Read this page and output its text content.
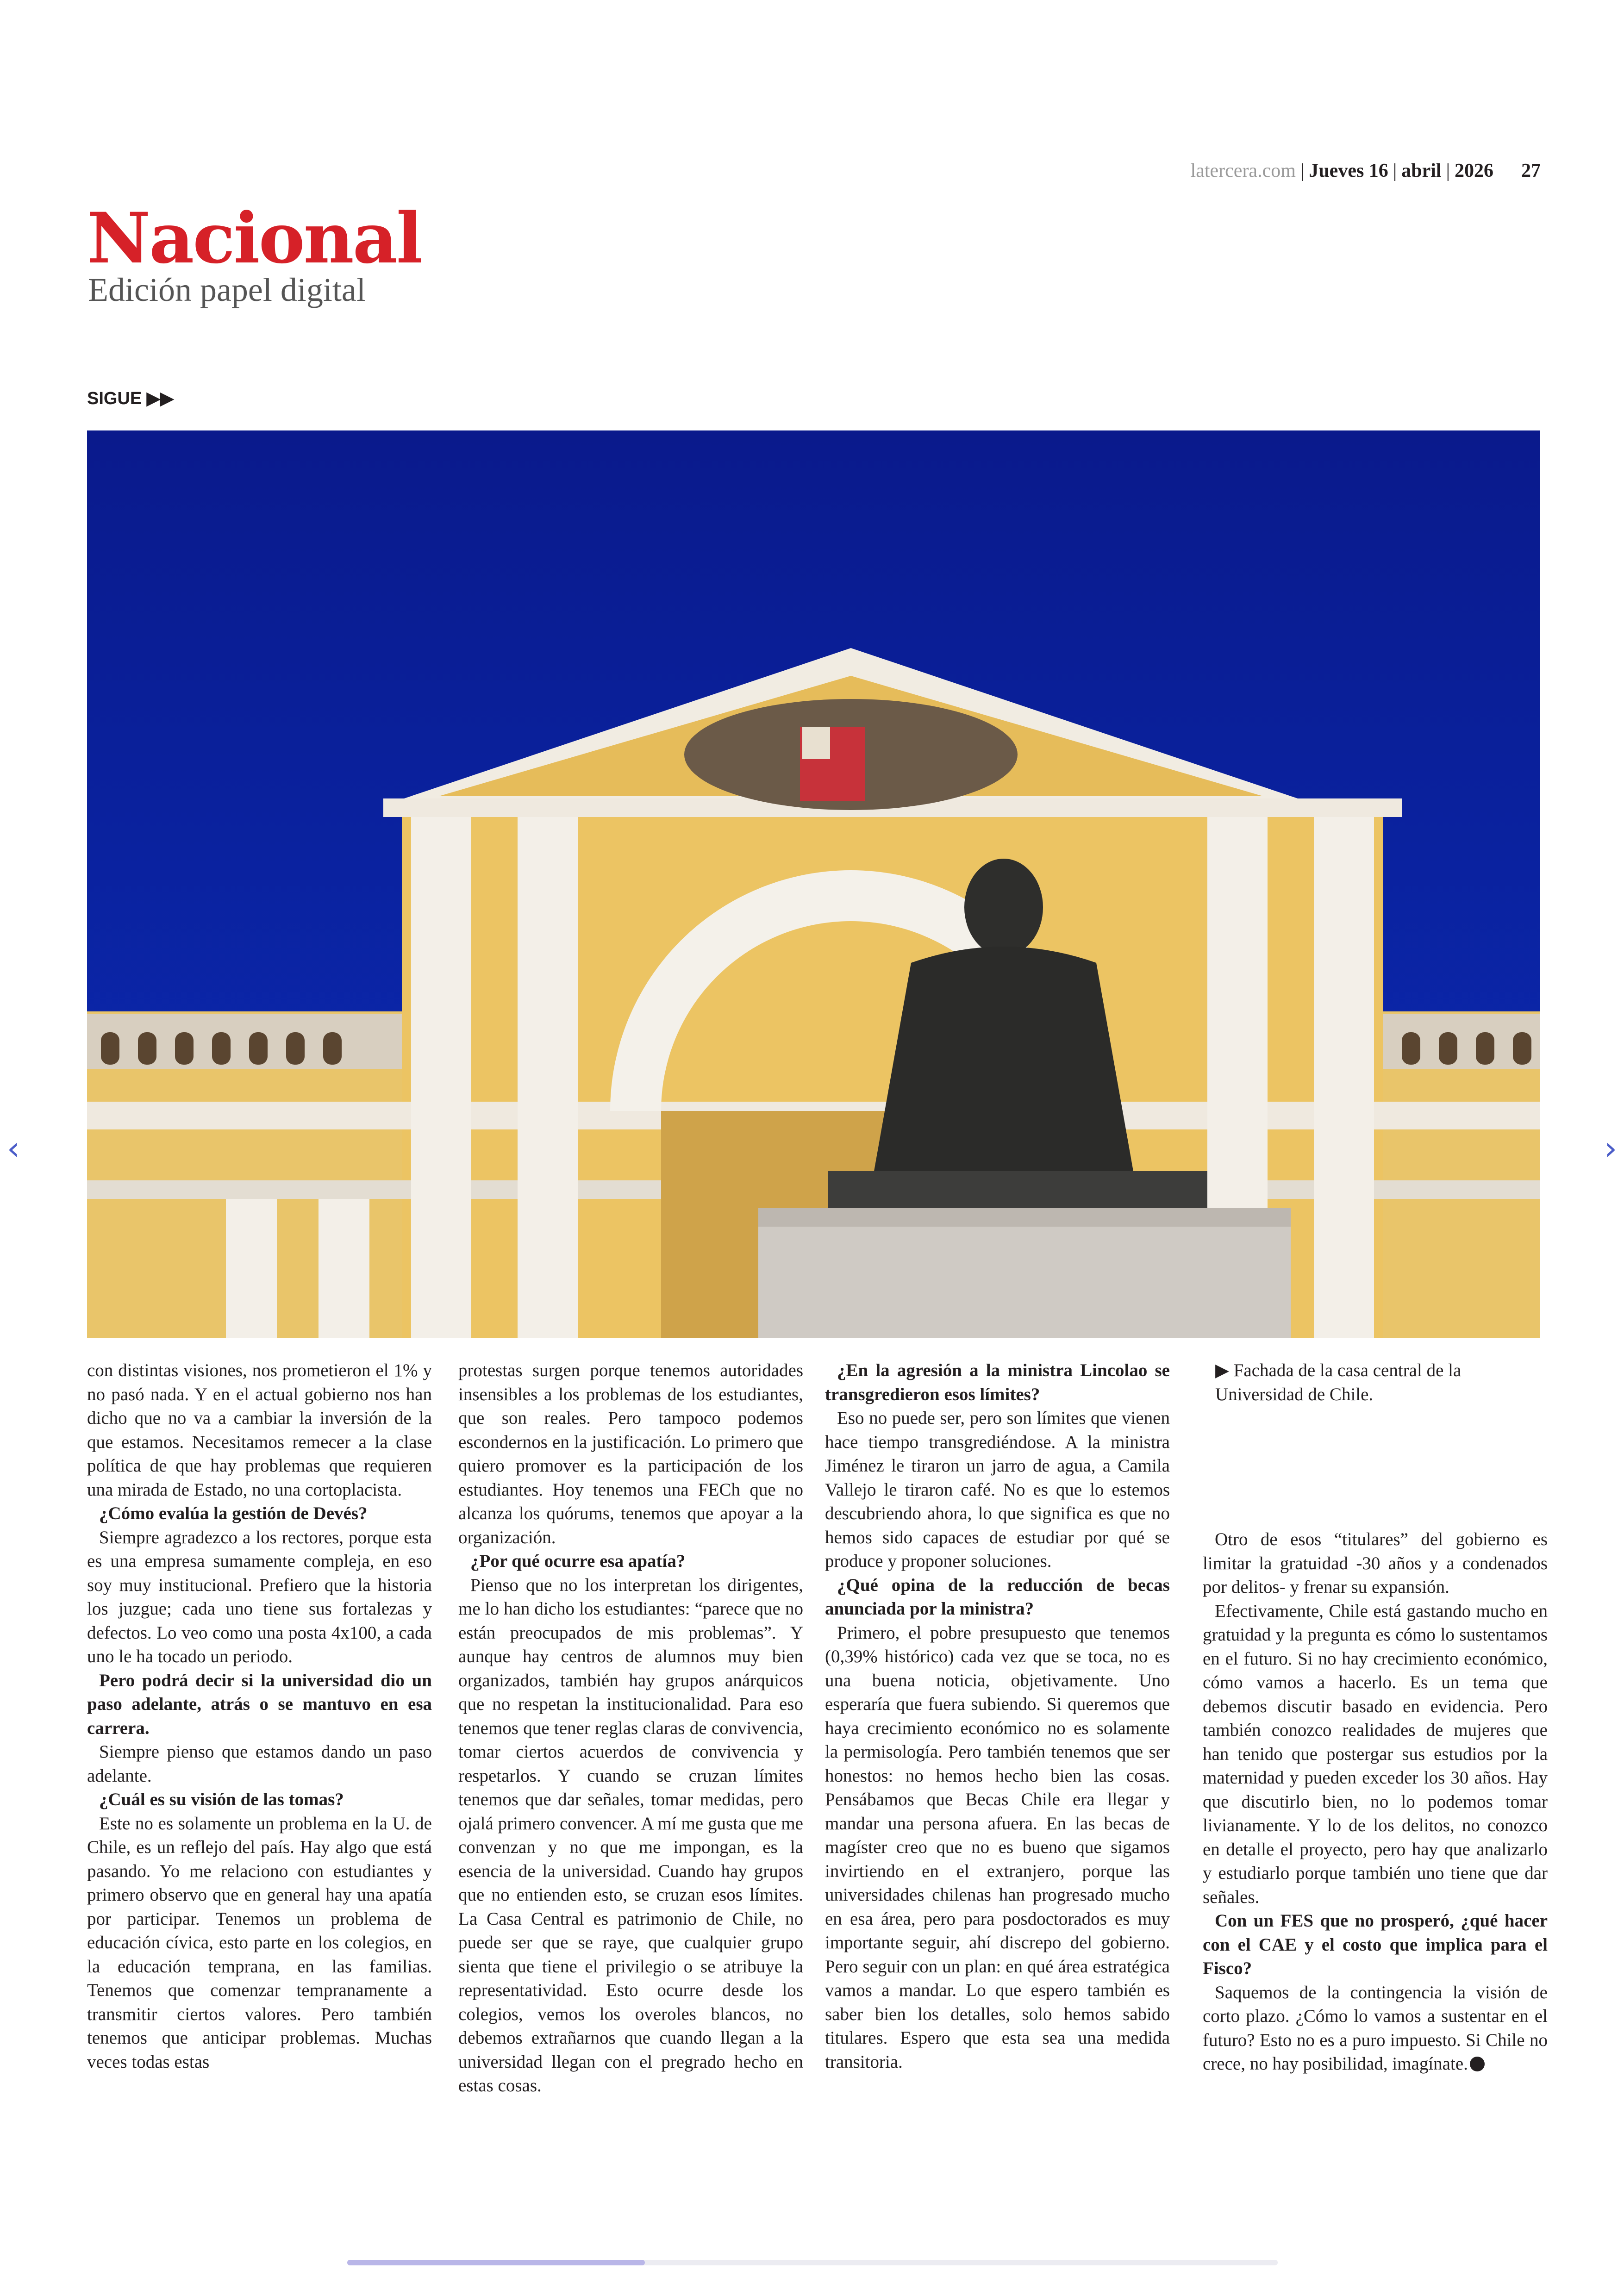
latercera.com | Jueves 16 | abril | 2026 27
Nacional
Edición papel digital
SIGUE ▶▶
‹	›

con distintas visiones, nos prometieron el 1% y no pasó nada. Y en el actual gobierno nos han dicho que no va a cambiar la inversión de la que estamos. Necesitamos remecer a la clase política de que hay problemas que requieren una mirada de Estado, no una cortoplacista.

¿Cómo evalúa la gestión de Devés?

Siempre agradezco a los rectores, porque esta es una empresa sumamente compleja, en eso soy muy institucional. Prefiero que la historia los juzgue; cada uno tiene sus fortalezas y defectos. Lo veo como una posta 4x100, a cada uno le ha tocado un periodo.

Pero podrá decir si la universidad dio un paso adelante, atrás o se mantuvo en esa carrera.

Siempre pienso que estamos dando un paso adelante.

¿Cuál es su visión de las tomas?

Este no es solamente un problema en la U. de Chile, es un reflejo del país. Hay algo que está pasando. Yo me relaciono con estudiantes y primero observo que en general hay una apatía por participar. Tenemos un problema de educación cívica, esto parte en los colegios, en la educación temprana, en las familias. Tenemos que comenzar tempranamente a transmitir ciertos valores. Pero también tenemos que anticipar problemas. Muchas veces todas estas

protestas surgen porque tenemos autoridades insensibles a los problemas de los estudiantes, que son reales. Pero tampoco podemos escondernos en la justificación. Lo primero que quiero promover es la participación de los estudiantes. Hoy tenemos una FECh que no alcanza los quórums, tenemos que apoyar a la organización.

¿Por qué ocurre esa apatía?

Pienso que no los interpretan los dirigentes, me lo han dicho los estudiantes: “parece que no están preocupados de mis problemas”. Y aunque hay centros de alumnos muy bien organizados, también hay grupos anárquicos que no respetan la institucionalidad. Para eso tenemos que tener reglas claras de convivencia, tomar ciertos acuerdos de convivencia y respetarlos. Y cuando se cruzan límites tenemos que dar señales, tomar medidas, pero ojalá primero convencer. A mí me gusta que me convenzan y no que me impongan, es la esencia de la universidad. Cuando hay grupos que no entienden esto, se cruzan esos límites. La Casa Central es patrimonio de Chile, no puede ser que se raye, que cualquier grupo sienta que tiene el privilegio o se atribuye la representatividad. Esto ocurre desde los colegios, vemos los overoles blancos, no debemos extrañarnos que cuando llegan a la universidad llegan con el pregrado hecho en estas cosas.

¿En la agresión a la ministra Lincolao se transgredieron esos límites?

Eso no puede ser, pero son límites que vienen hace tiempo transgrediéndose. A la ministra Jiménez le tiraron un jarro de agua, a Camila Vallejo le tiraron café. No es que lo estemos descubriendo ahora, lo que significa es que no hemos sido capaces de estudiar por qué se produce y proponer soluciones.

¿Qué opina de la reducción de becas anunciada por la ministra?

Primero, el pobre presupuesto que tenemos (0,39% histórico) cada vez que se toca, no es una buena noticia, objetivamente. Uno esperaría que fuera subiendo. Si queremos que haya crecimiento económico no es solamente la permisología. Pero también tenemos que ser honestos: no hemos hecho bien las cosas. Pensábamos que Becas Chile era llegar y mandar una persona afuera. En las becas de magíster creo que no es bueno que sigamos invirtiendo en el extranjero, porque las universidades chilenas han progresado mucho en esa área, pero para posdoctorados es muy importante seguir, ahí discrepo del gobierno. Pero seguir con un plan: en qué área estratégica vamos a mandar. Lo que espero también es saber bien los detalles, solo hemos sabido titulares. Espero que esta sea una medida transitoria.

▶ Fachada de la casa central de la Universidad de Chile.

Otro de esos “titulares” del gobierno es limitar la gratuidad -30 años y a condenados por delitos- y frenar su expansión.

Efectivamente, Chile está gastando mucho en gratuidad y la pregunta es cómo lo sustentamos en el futuro. Si no hay crecimiento económico, cómo vamos a hacerlo. Es un tema que debemos discutir basado en evidencia. Pero también conozco realidades de mujeres que han tenido que postergar sus estudios por la maternidad y pueden exceder los 30 años. Hay que discutirlo bien, no lo podemos tomar livianamente. Y lo de los delitos, no conozco en detalle el proyecto, pero hay que analizarlo y estudiarlo porque también uno tiene que dar señales.

Con un FES que no prosperó, ¿qué hacer con el CAE y el costo que implica para el Fisco?

Saquemos de la contingencia la visión de corto plazo. ¿Cómo lo vamos a sustentar en el futuro? Esto no es a puro impuesto. Si Chile no crece, no hay posibilidad, imagínate.
